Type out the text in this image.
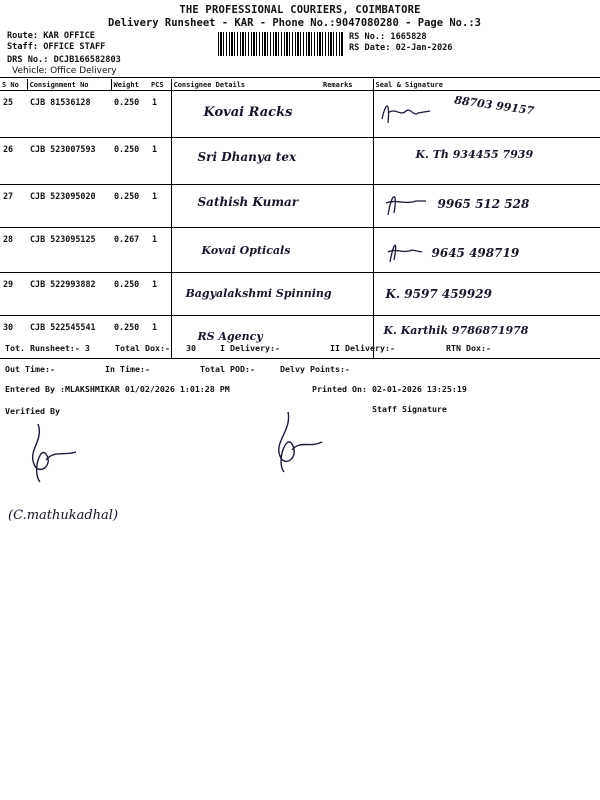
THE PROFESSIONAL COURIERS, COIMBATORE
Delivery Runsheet - KAR - Phone No.:9047080280 - Page No.:3
Route: KAR OFFICE
Staff: OFFICE STAFF
DRS No.: DCJB166582803
RS No.: 1665828
RS Date: 02-Jan-2026
Vehicle: Office Delivery
S No	Consignment No	Weight	PCS	Consignee Details	Remarks	Seal & Signature
25	CJB 81536128	0.250	1	Kovai Racks		88703 99157

26	CJB 523007593	0.250	1	Sri Dhanya tex		K. Th 934455 7939

27	CJB 523095020	0.250	1	Sathish Kumar		9965 512 528

28	CJB 523095125	0.267	1	Kovai Opticals		9645 498719

29	CJB 522993882	0.250	1	Bagyalakshmi Spinning		K. 9597 459929

30	CJB 522545541	0.250	1	RS Agency		K. Karthik 9786871978
Tot. Runsheet:- 3	Total Dox:- 30	I Delivery:-	II Delivery:-	RTN Dox:-
Out Time:-	In Time:-	Total POD:-	Delvy Points:-
Entered By :MLAKSHMIKAR 01/02/2026 1:01:28 PM	Printed On: 02-01-2026 13:25:19
Verified By	Staff Signature
(C.mathukadhal)
